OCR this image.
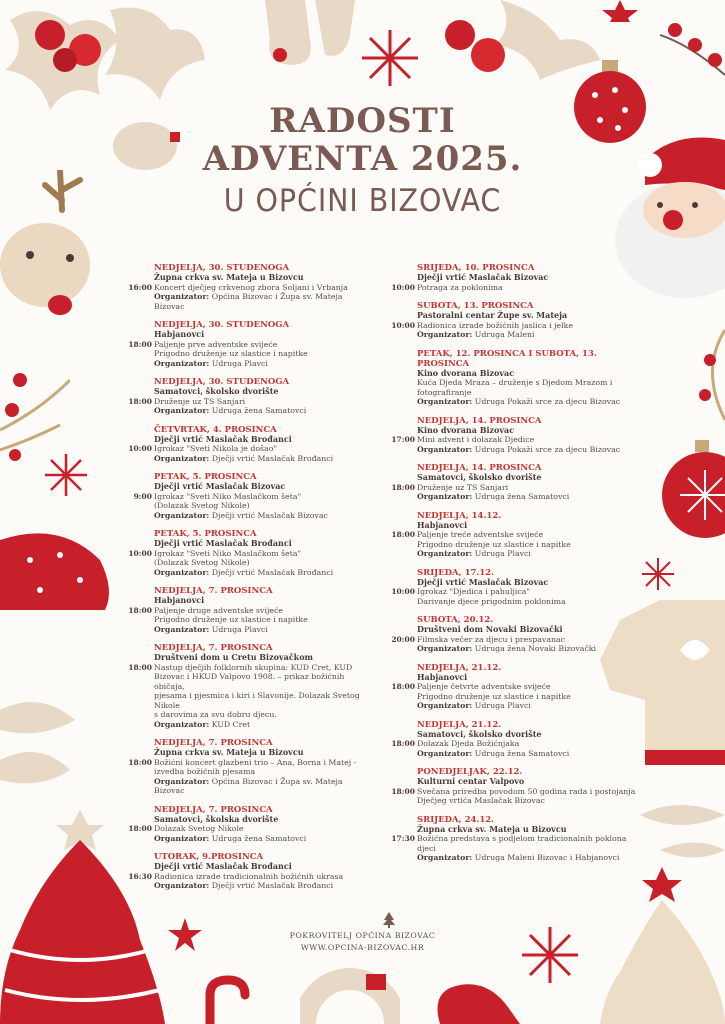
RADOSTI
ADVENTA 2025.
U OPĆINI BIZOVAC
NEDJELJA, 30. STUDENOGA
Župna crkva sv. Mateja u Bizovcu
16:00 Koncert dječjeg crkvenog zbora Soljani i Vrbanja
Organizator: Općina Bizovac i Župa sv. Mateja Bizovac
NEDJELJA, 30. STUDENOGA
Habjanovci
18:00 Paljenje prve adventske svijeće
Prigodno druženje uz slastice i napitke
Organizator: Udruga Plavci
NEDJELJA, 30. STUDENOGA
Samatovci, školsko dvorište
18:00 Druženje uz TS Sanjari
Organizator: Udruga žena Samatovci
ČETVRTAK, 4. PROSINCA
Dječji vrtić Maslačak Brođanci
10:00 Igrokaz "Sveti Nikola je došao"
Organizator: Dječji vrtić Maslačak Brođanci
PETAK, 5. PROSINCA
Dječji vrtić Maslačak Bizovac
9:00 Igrokaz "Sveti Niko Maslačkom šeta"
(Dolazak Svetog Nikole)
Organizator: Dječji vrtić Maslačak Bizovac
PETAK, 5. PROSINCA
Dječji vrtić Maslačak Brođanci
10:00 Igrokaz "Sveti Niko Maslačkom šeta"
(Dolazak Svetog Nikole)
Organizator: Dječji vrtić Maslačak Brođanci
NEDJELJA, 7. PROSINCA
Habjanovci
18:00 Paljenje druge adventske svijeće
Prigodno druženje uz slastice i napitke
Organizator: Udruga Plavci
NEDJELJA, 7. PROSINCA
Društveni dom u Cretu Bizovačkom
18:00 Nastup dječjih folklornih skupina: KUD Cret, KUD
Bizovac i HKUD Valpovo 1908. – prikaz božićnih običaja,
pjesama i pjesmica i kiri i Slavonije. Dolazak Svetog Nikole
s darovima za svu dobru djecu.
Organizator: KUD Cret
NEDJELJA, 7. PROSINCA
Župna crkva sv. Mateja u Bizovcu
18:00 Božićni koncert glazbeni trio – Ana, Borna i Matej -
izvedba božićnih pjesama
Organizator: Općina Bizovac i Župa sv. Mateja Bizovac
NEDJELJA, 7. PROSINCA
Samatovci, školska dvorište
18:00 Dolazak Svetog Nikole
Organizator: Udruga žena Samatovci
UTORAK, 9.PROSINCA
Dječji vrtić Maslačak Brođanci
16:30 Radionica izrade tradicionalnih božićnih ukrasa
Organizator: Dječji vrtić Maslačak Brođanci
SRIJEDA, 10. PROSINCA
Dječji vrtić Maslačak Bizovac
10:00 Potraga za poklonima
SUBOTA, 13. PROSINCA
Pastoralni centar Župe sv. Mateja
10:00 Radionica izrade božićnih jaslica i jelke
Organizator: Udruga Maleni
PETAK, 12. PROSINCA I SUBOTA, 13. PROSINCA
Kino dvorana Bizovac
Kuća Djeda Mraza – druženje s Djedom Mrazom i
fotografiranje
Organizator: Udruga Pokaži srce za djecu Bizovac
NEDJELJA, 14. PROSINCA
Kino dvorana Bizovac
17:00 Mini advent i dolazak Djedice
Organizator: Udruga Pokaži srce za djecu Bizovac
NEDJELJA, 14. PROSINCA
Samatovci, školsko dvorište
18:00 Druženje uz TS Sanjari
Organizator: Udruga žena Samatovci
NEDJELJA, 14.12.
Habjanovci
18:00 Paljenje treće adventske svijeće
Prigodno druženje uz slastice i napitke
Organizator: Udruga Plavci
SRIJEDA, 17.12.
Dječji vrtić Maslačak Bizovac
10:00 Igrokaz "Djedica i pahuljica"
Darivanje djece prigodnim poklonima
SUBOTA, 20.12.
Društveni dom Novaki Bizovački
20:00 Filmska večer za djecu i prespavanac
Organizator: Udruga žena Novaki Bizovački
NEDJELJA, 21.12.
Habjanovci
18:00 Paljenje četvrte adventske svijeće
Prigodno druženje uz slastice i napitke
Organizator: Udruga Plavci
NEDJELJA, 21.12.
Samatovci, školsko dvorište
18:00 Dolazak Djeda Božićnjaka
Organizator: Udruga žena Samatovci
PONEDJELJAK, 22.12.
Kulturni centar Valpovo
18:00 Svečana priredba povodom 50 godina rada i postojanja
Dječjeg vrtića Maslačak Bizovac
SRIJEDA, 24.12.
Župna crkva sv. Mateja u Bizovcu
17:30 Božićna predstava s podjelom tradicionalnih poklona djeci
Organizator: Udruga Maleni Bizovac i Habjanovci
POKROVITELJ OPĆINA BIZOVAC
WWW.OPCINA-BIZOVAC.HR
